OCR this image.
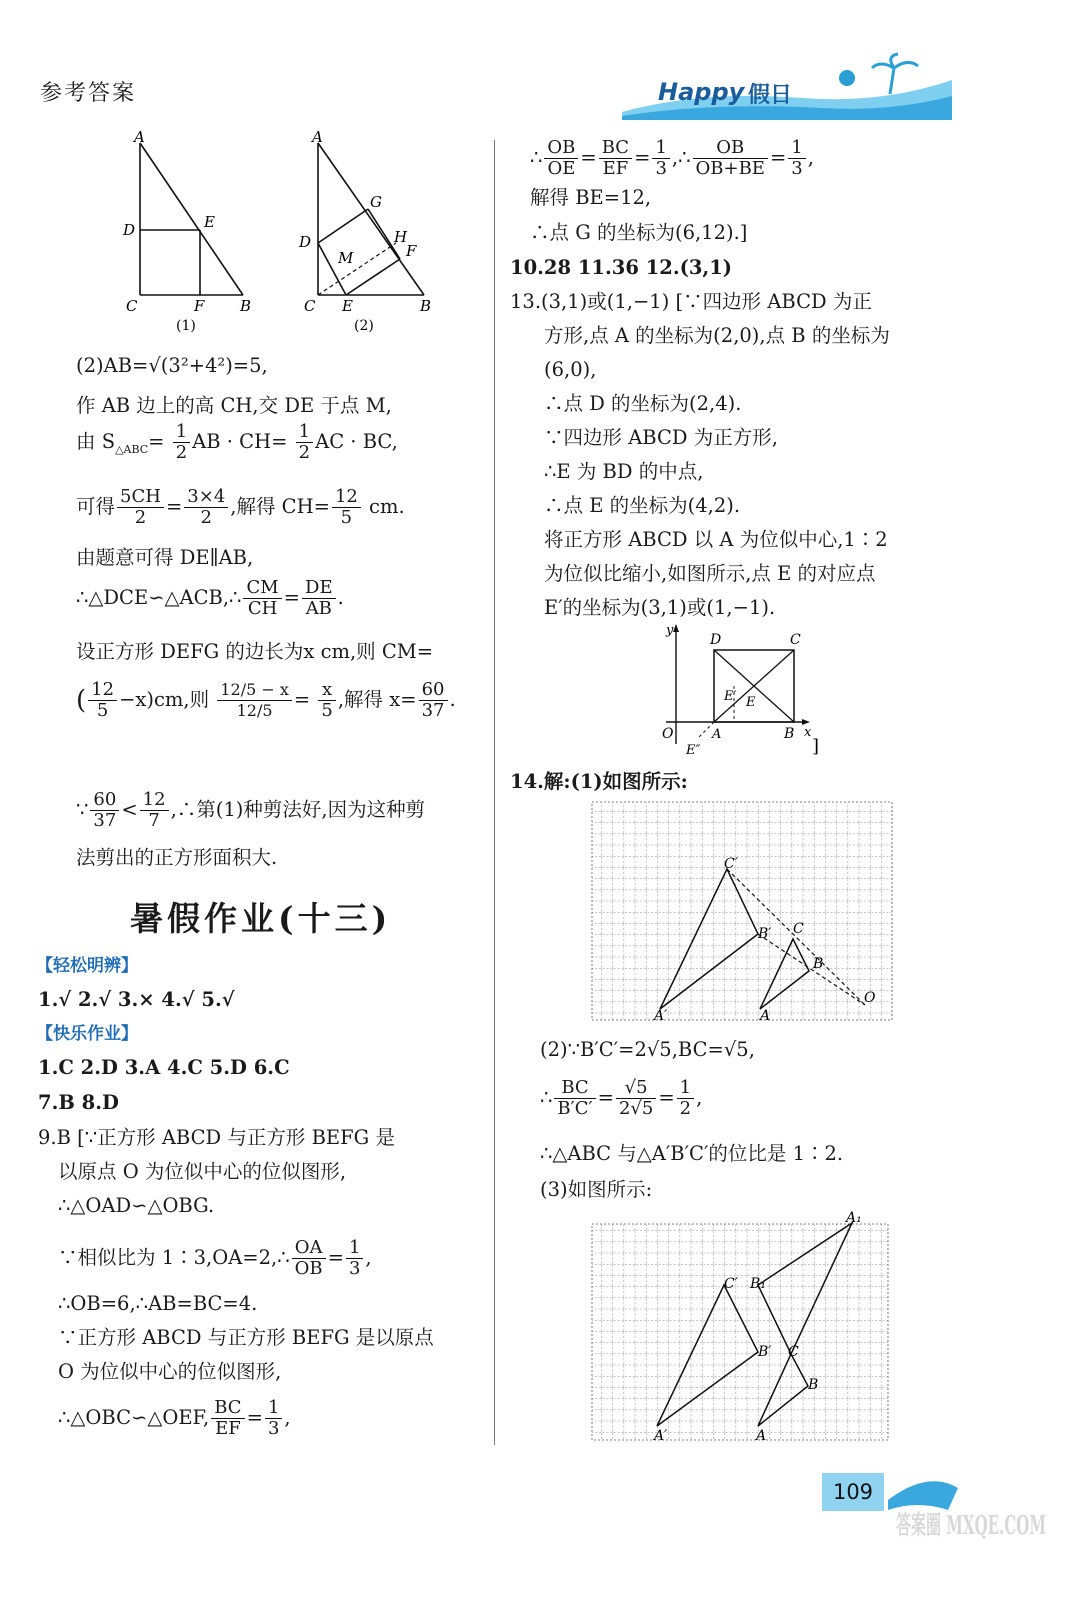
参考答案	Happy 假日
A
D	E
C	F B
(1)
A
G
D	H
F
M
C E	B
(2)
(2)AB=√(3²+4²)=5,
作 AB 边上的高 CH,交 DE 于点 M,
由 $S_{\triangle ABC}= \frac{1}{2}$ AB · $CH= \frac{1}{2}$ AC · BC,
可得 $\frac{5CH}{2} = \frac{3\times 4}{2}$ ,解得 $CH= \frac{12}{5}$ cm.
由题意可得 DE∥AB,
∴△DCE∽△ACB,∴ $\frac{CM}{CH} = \frac{DE}{AB}$ .
设正方形 DEFG 的边长为x cm,则 CM=
( $\frac{12}{5} -x)cm$,则 $\frac{12/5 - x}{12/5} = \frac{x}{5}$ ,解得 $x= \frac{60}{37}$ .
∵ $\frac{60}{37} < \frac{12}{7}$ ,∴第(1)种剪法好,因为这种剪
法剪出的正方形面积大.
暑假作业(十三)
【轻松明辨】
1.√ 2.√ 3.× 4.√ 5.√
【快乐作业】
1.C 2.D 3.A 4.C 5.D 6.C
7.B 8.D
9.B [∵正方形 ABCD 与正方形 BEFG 是
以原点 O 为位似中心的位似图形,
∴△OAD∽△OBG.
∵相似比为 1∶3,OA=2,∴ $\frac{OA}{OB} = \frac{1}{3}$ ,
∴OB=6,∴AB=BC=4.
∵正方形 ABCD 与正方形 BEFG 是以原点
O 为位似中心的位似图形,
∴△OBC∽△OEF, $\frac{BC}{EF} = \frac{1}{3}$ ,
∴ $\frac{OB}{OE} = \frac{BC}{EF} = \frac{1}{3}$ ,∴ $\frac{OB}{OB+BE} = \frac{1}{3}$ ,
解得 BE=12,
∴点 G 的坐标为(6,12).]
10.28 11.36 12.(3,1)
13.(3,1)或(1,−1) [∵四边形 ABCD 为正
方形,点 A 的坐标为(2,0),点 B 的坐标为
(6,0),
∴点 D 的坐标为(2,4).
∵四边形 ABCD 为正方形,
∴E 为 BD 的中点,
∴点 E 的坐标为(4,2).
将正方形 ABCD 以 A 为位似中心,1∶2
为位似比缩小,如图所示,点 E 的对应点
E′的坐标为(3,1)或(1,−1).
y
D	C
E′ E
O	A	B x
E″	]
14.解:(1)如图所示:
C′
B′ C
B
A′	A
O
(2)∵B′C′=2√5,BC=√5,
∴ $\frac{BC}{B'C'} = \frac{√5}{2√5} = \frac{1}{2}$ ,
∴△ABC 与△A′B′C′的位比是 1∶2.
(3)如图所示:
A₁
C′ B₁
B′ C
B
A′	A
109
答案圈 MXQE.COM
